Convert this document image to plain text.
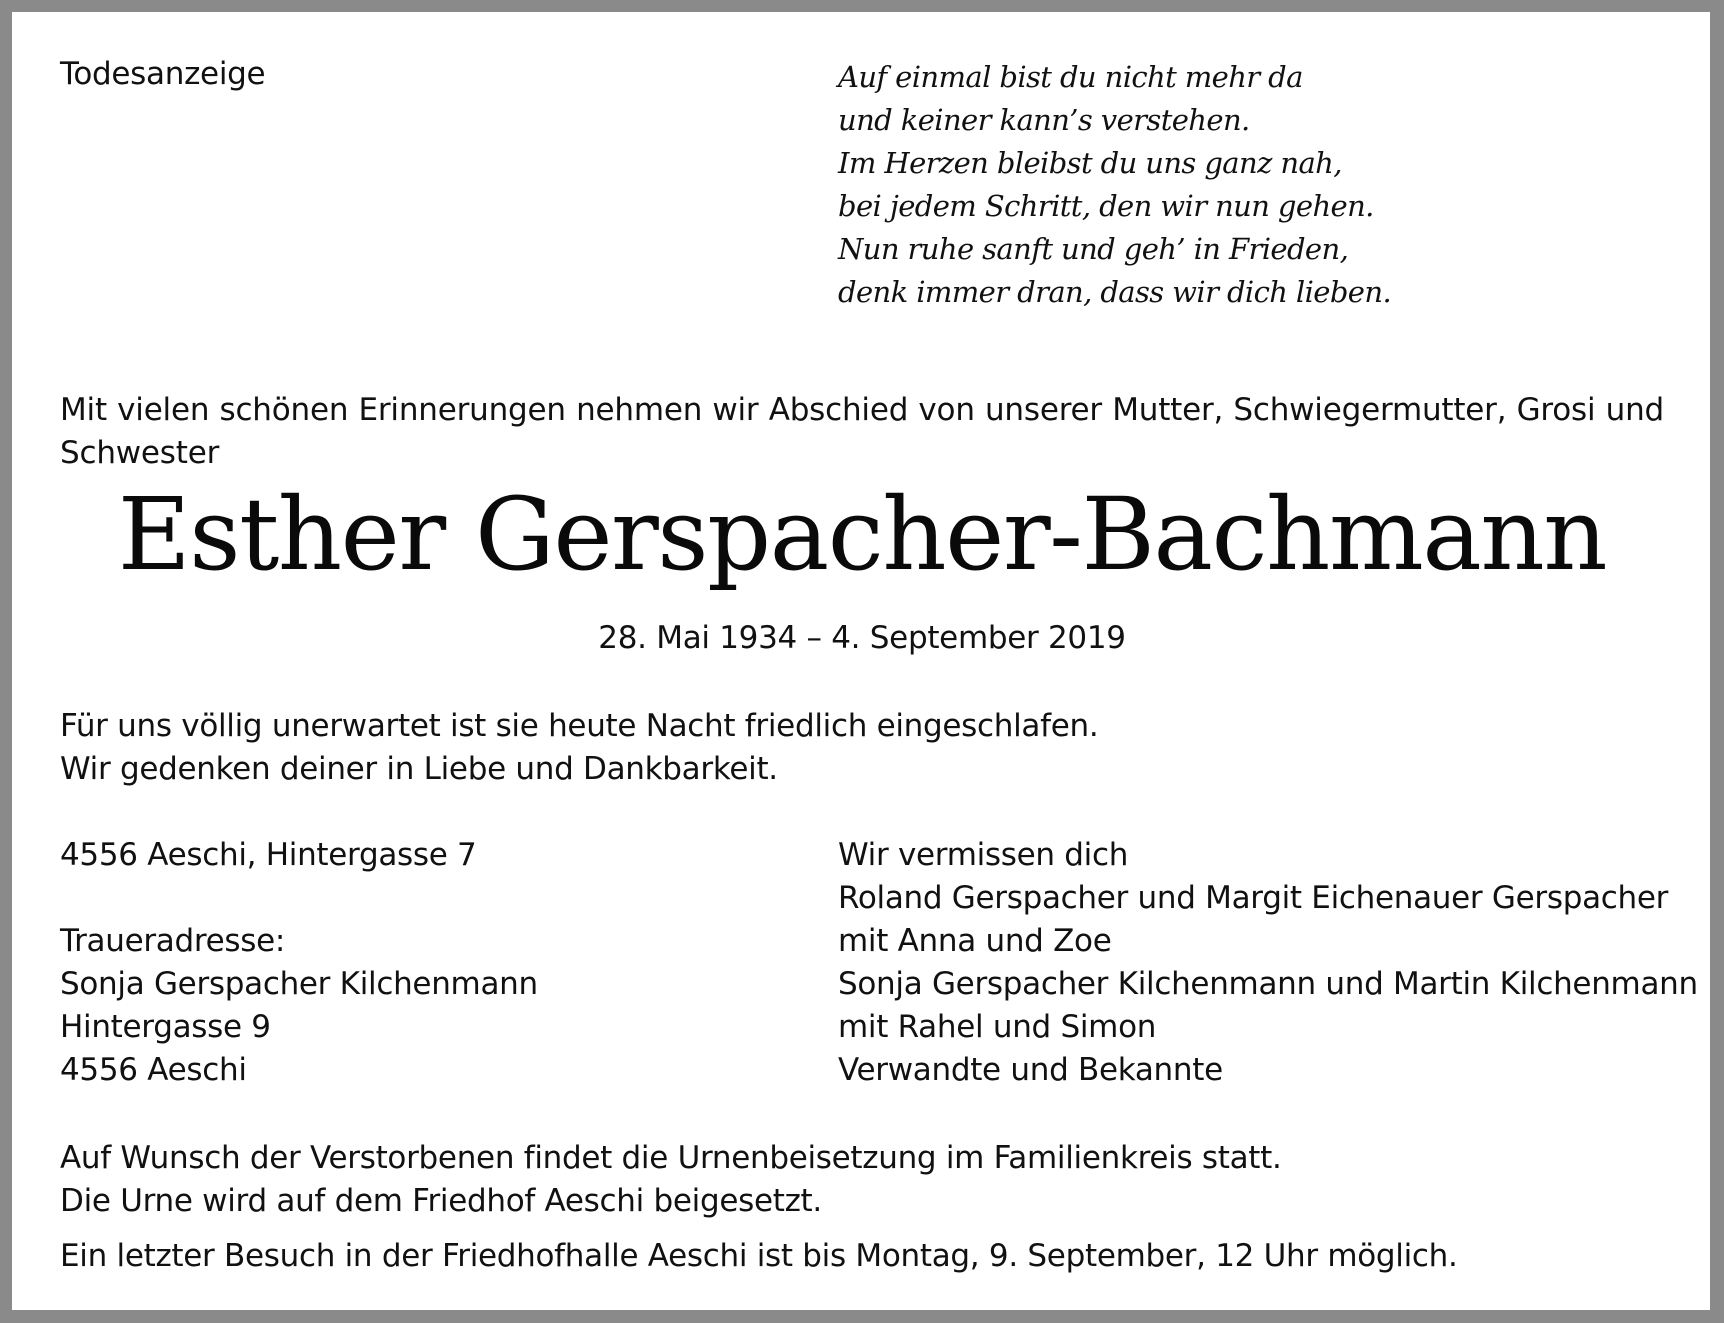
Todesanzeige	Auf einmal bist du nicht mehr da
und keiner kann’s verstehen.
Im Herzen bleibst du uns ganz nah,
bei jedem Schritt, den wir nun gehen.
Nun ruhe sanft und geh’ in Frieden,
denk immer dran, dass wir dich lieben.

Mit vielen schönen Erinnerungen nehmen wir Abschied von unserer Mutter, Schwiegermutter, Grosi und Schwester

Esther Gerspacher-Bachmann
28. Mai 1934 – 4. September 2019
Für uns völlig unerwartet ist sie heute Nacht friedlich eingeschlafen.
Wir gedenken deiner in Liebe und Dankbarkeit.
4556 Aeschi, Hintergasse 7
Traueradresse:
Sonja Gerspacher Kilchenmann
Hintergasse 9
4556 Aeschi
Wir vermissen dich
Roland Gerspacher und Margit Eichenauer Gerspacher
mit Anna und Zoe
Sonja Gerspacher Kilchenmann und Martin Kilchenmann
mit Rahel und Simon
Verwandte und Bekannte
Auf Wunsch der Verstorbenen findet die Urnenbeisetzung im Familienkreis statt.
Die Urne wird auf dem Friedhof Aeschi beigesetzt.
Ein letzter Besuch in der Friedhofhalle Aeschi ist bis Montag, 9. September, 12 Uhr möglich.
